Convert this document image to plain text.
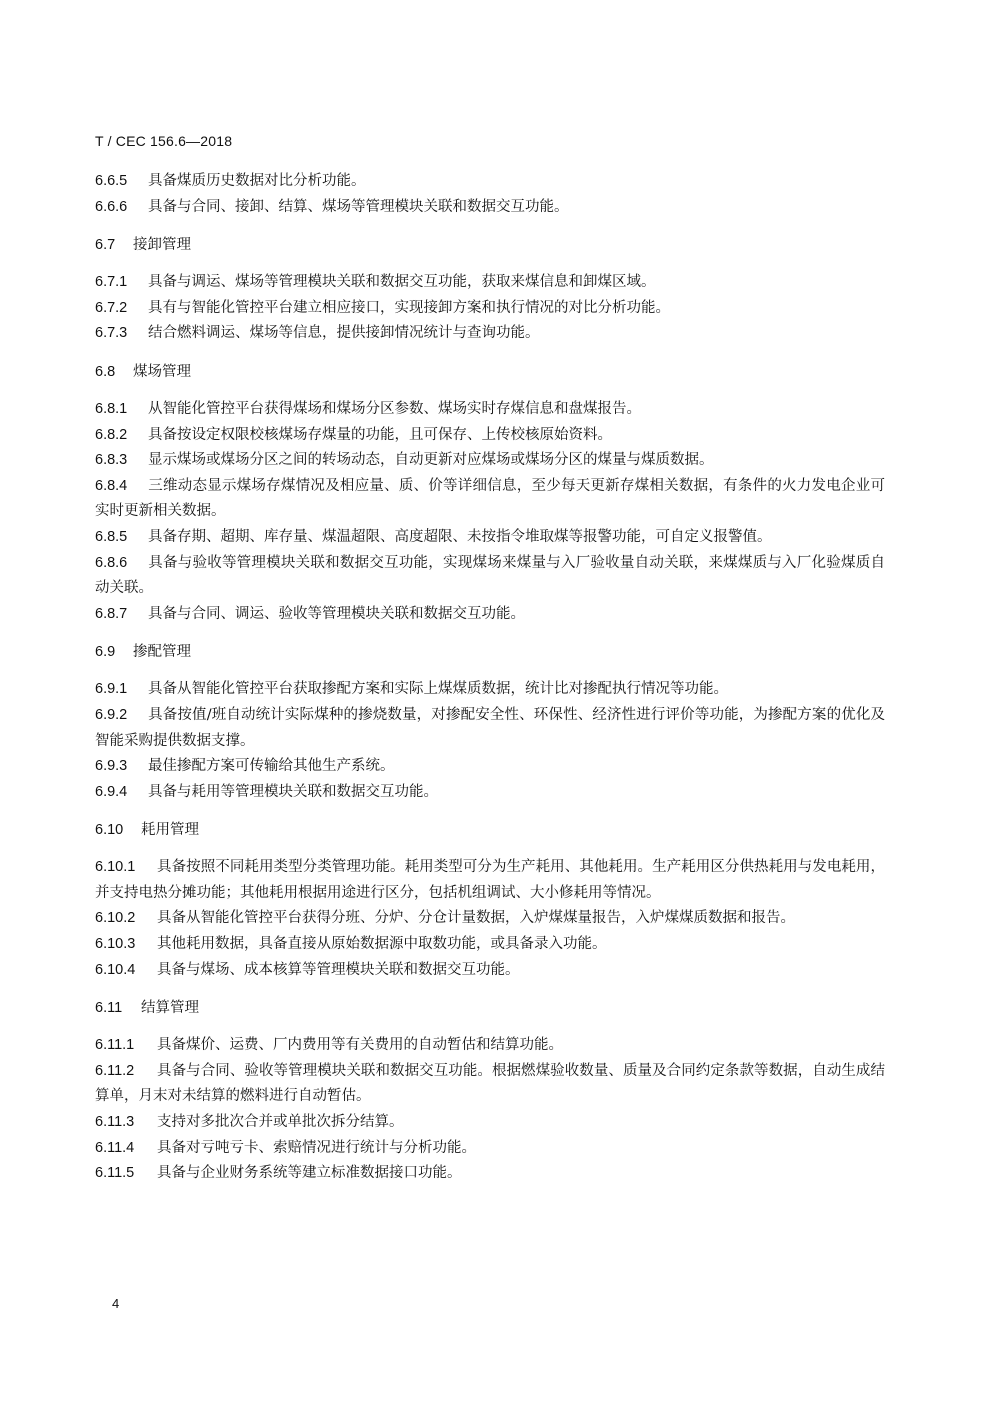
T / CEC 156.6—2018

6.6.5 具备煤质历史数据对比分析功能。

6.6.6 具备与合同、接卸、结算、煤场等管理模块关联和数据交互功能。

6.7 接卸管理

6.7.1 具备与调运、煤场等管理模块关联和数据交互功能，获取来煤信息和卸煤区域。

6.7.2 具有与智能化管控平台建立相应接口，实现接卸方案和执行情况的对比分析功能。

6.7.3 结合燃料调运、煤场等信息，提供接卸情况统计与查询功能。

6.8 煤场管理

6.8.1 从智能化管控平台获得煤场和煤场分区参数、煤场实时存煤信息和盘煤报告。

6.8.2 具备按设定权限校核煤场存煤量的功能，且可保存、上传校核原始资料。

6.8.3 显示煤场或煤场分区之间的转场动态，自动更新对应煤场或煤场分区的煤量与煤质数据。

6.8.4 三维动态显示煤场存煤情况及相应量、质、价等详细信息，至少每天更新存煤相关数据，有条件的火力发电企业可实时更新相关数据。

6.8.5 具备存期、超期、库存量、煤温超限、高度超限、未按指令堆取煤等报警功能，可自定义报警值。

6.8.6 具备与验收等管理模块关联和数据交互功能，实现煤场来煤量与入厂验收量自动关联，来煤煤质与入厂化验煤质自动关联。

6.8.7 具备与合同、调运、验收等管理模块关联和数据交互功能。

6.9 掺配管理

6.9.1 具备从智能化管控平台获取掺配方案和实际上煤煤质数据，统计比对掺配执行情况等功能。

6.9.2 具备按值/班自动统计实际煤种的掺烧数量，对掺配安全性、环保性、经济性进行评价等功能，为掺配方案的优化及智能采购提供数据支撑。

6.9.3 最佳掺配方案可传输给其他生产系统。

6.9.4 具备与耗用等管理模块关联和数据交互功能。

6.10 耗用管理

6.10.1 具备按照不同耗用类型分类管理功能。耗用类型可分为生产耗用、其他耗用。生产耗用区分供热耗用与发电耗用，并支持电热分摊功能；其他耗用根据用途进行区分，包括机组调试、大小修耗用等情况。

6.10.2 具备从智能化管控平台获得分班、分炉、分仓计量数据，入炉煤煤量报告，入炉煤煤质数据和报告。

6.10.3 其他耗用数据，具备直接从原始数据源中取数功能，或具备录入功能。

6.10.4 具备与煤场、成本核算等管理模块关联和数据交互功能。

6.11 结算管理

6.11.1 具备煤价、运费、厂内费用等有关费用的自动暂估和结算功能。

6.11.2 具备与合同、验收等管理模块关联和数据交互功能。根据燃煤验收数量、质量及合同约定条款等数据，自动生成结算单，月末对未结算的燃料进行自动暂估。

6.11.3 支持对多批次合并或单批次拆分结算。

6.11.4 具备对亏吨亏卡、索赔情况进行统计与分析功能。

6.11.5 具备与企业财务系统等建立标准数据接口功能。

4
